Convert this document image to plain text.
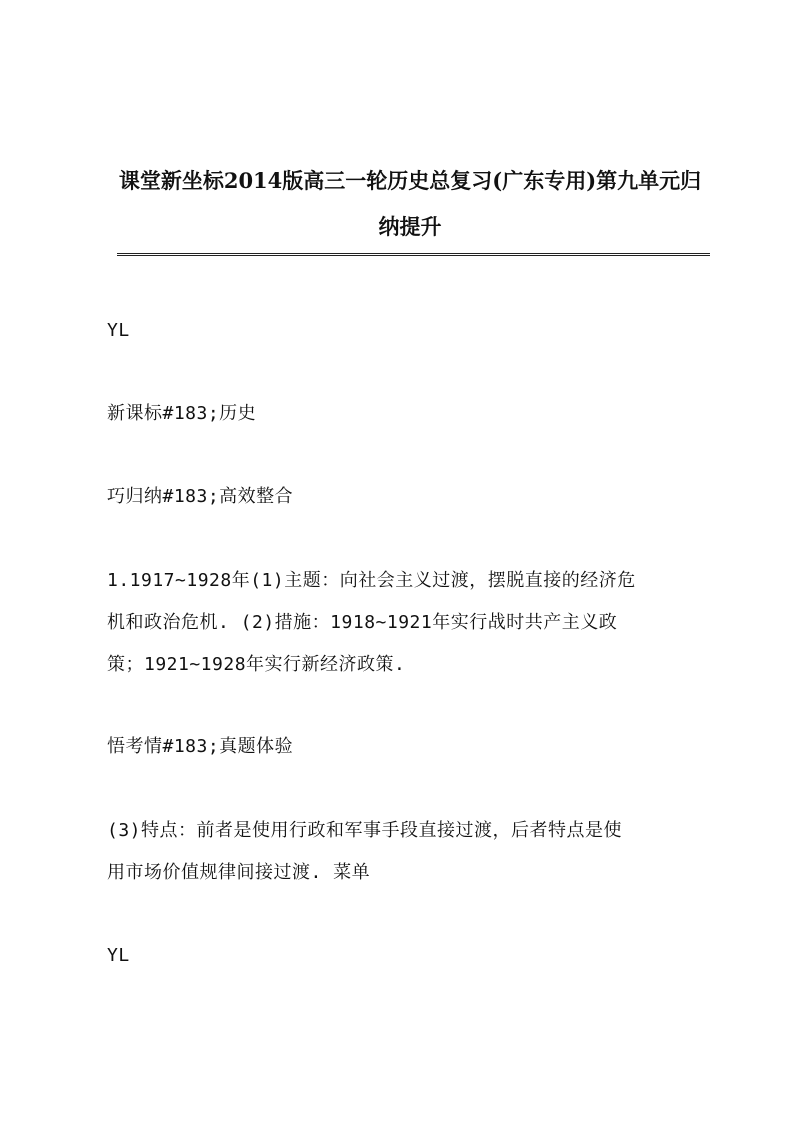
课堂新坐标2014版高三一轮历史总复习(广东专用)第九单元归
纳提升

YL

新课标#183;历史

巧归纳#183;高效整合

1.1917~1928年(1)主题：向社会主义过渡，摆脱直接的经济危
机和政治危机. (2)措施：1918~1921年实行战时共产主义政
策；1921~1928年实行新经济政策.

悟考情#183;真题体验

(3)特点：前者是使用行政和军事手段直接过渡，后者特点是使
用市场价值规律间接过渡. 菜单

YL
